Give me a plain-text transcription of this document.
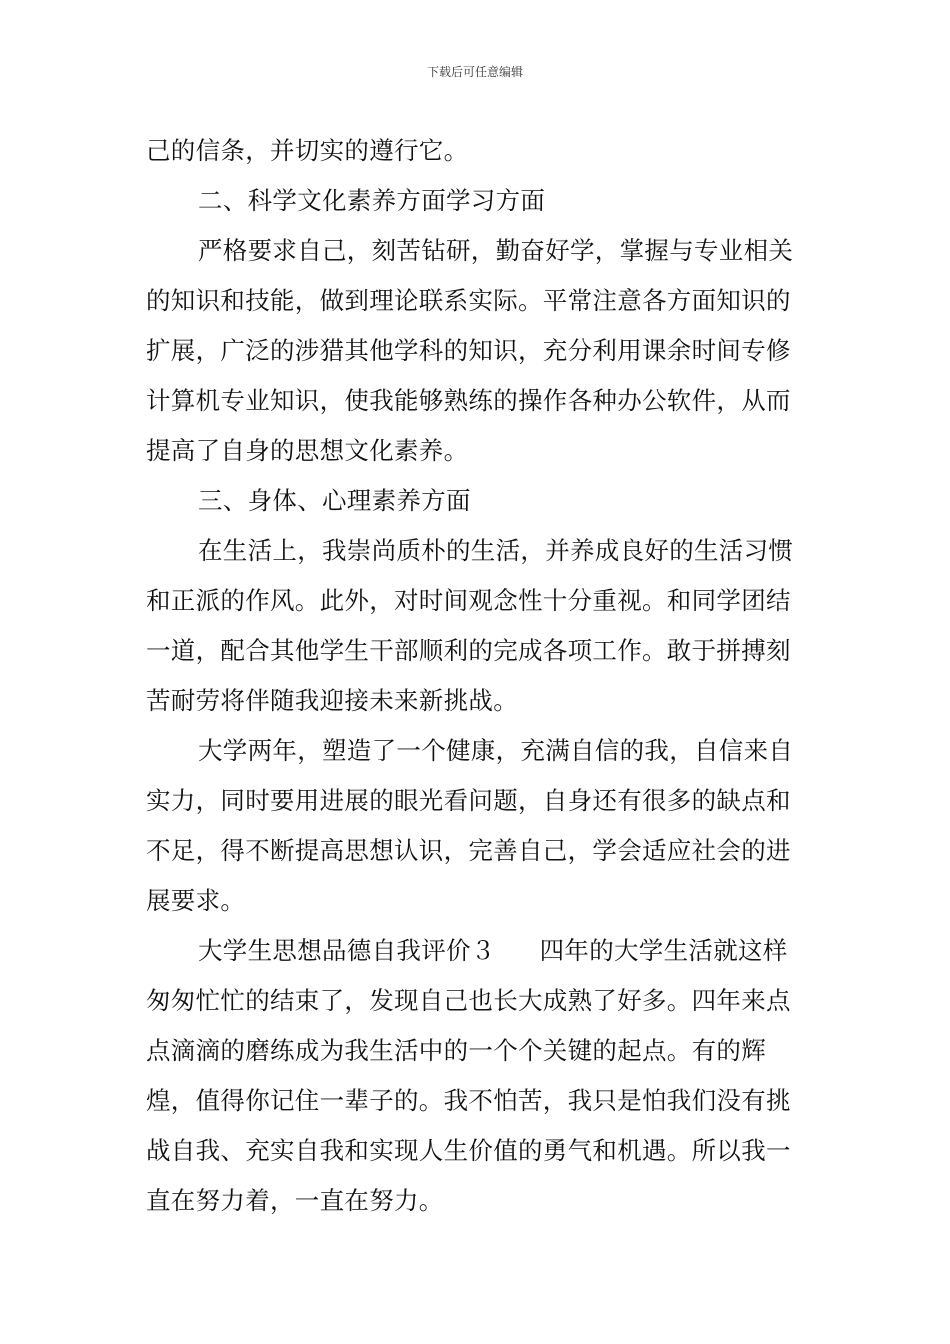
下载后可任意编辑

己的信条，并切实的遵行它。

二、科学文化素养方面学习方面

严格要求自己，刻苦钻研，勤奋好学，掌握与专业相关的知识和技能，做到理论联系实际。平常注意各方面知识的扩展，广泛的涉猎其他学科的知识，充分利用课余时间专修计算机专业知识，使我能够熟练的操作各种办公软件，从而提高了自身的思想文化素养。

三、身体、心理素养方面

在生活上，我崇尚质朴的生活，并养成良好的生活习惯和正派的作风。此外，对时间观念性十分重视。和同学团结一道，配合其他学生干部顺利的完成各项工作。敢于拼搏刻苦耐劳将伴随我迎接未来新挑战。

大学两年，塑造了一个健康，充满自信的我，自信来自实力，同时要用进展的眼光看问题，自身还有很多的缺点和不足，得不断提高思想认识，完善自己，学会适应社会的进展要求。

大学生思想品德自我评价３ 四年的大学生活就这样匆匆忙忙的结束了，发现自己也长大成熟了好多。四年来点点滴滴的磨练成为我生活中的一个个关键的起点。有的辉煌，值得你记住一辈子的。我不怕苦，我只是怕我们没有挑战自我、充实自我和实现人生价值的勇气和机遇。所以我一直在努力着，一直在努力。
